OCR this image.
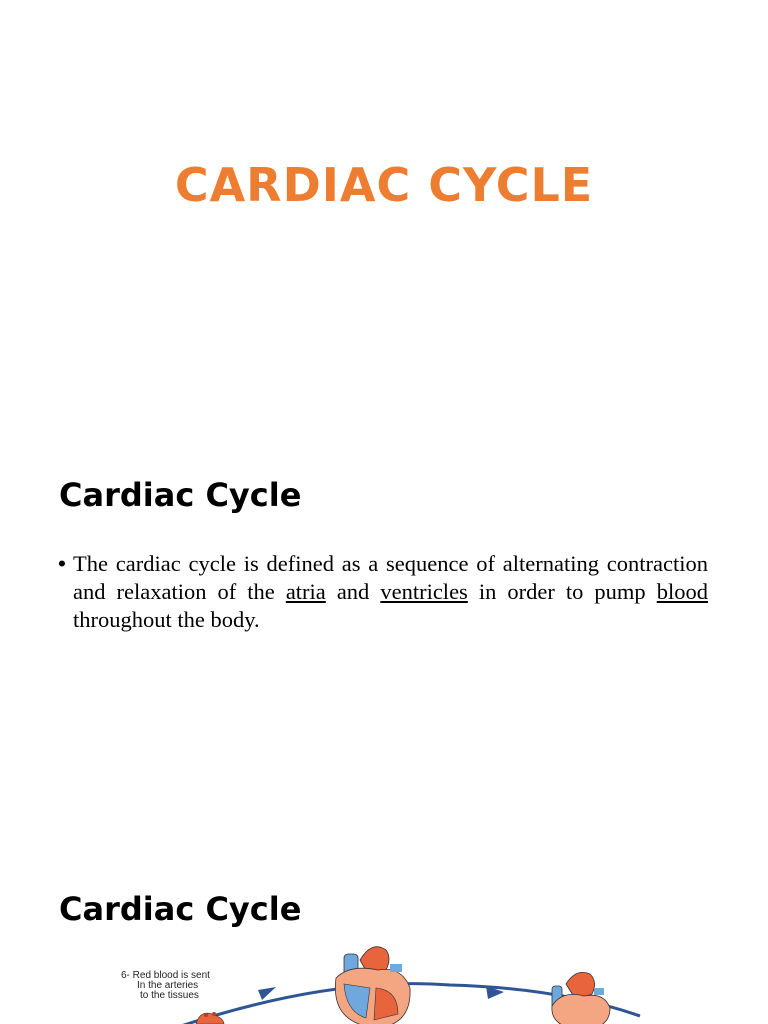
CARDIAC CYCLE
Cardiac Cycle
• The cardiac cycle is defined as a sequence of alternating contraction and relaxation of the atria and ventricles in order to pump blood throughout the body.
Cardiac Cycle
6- Red blood is sent
In the arteries
to the tissues
